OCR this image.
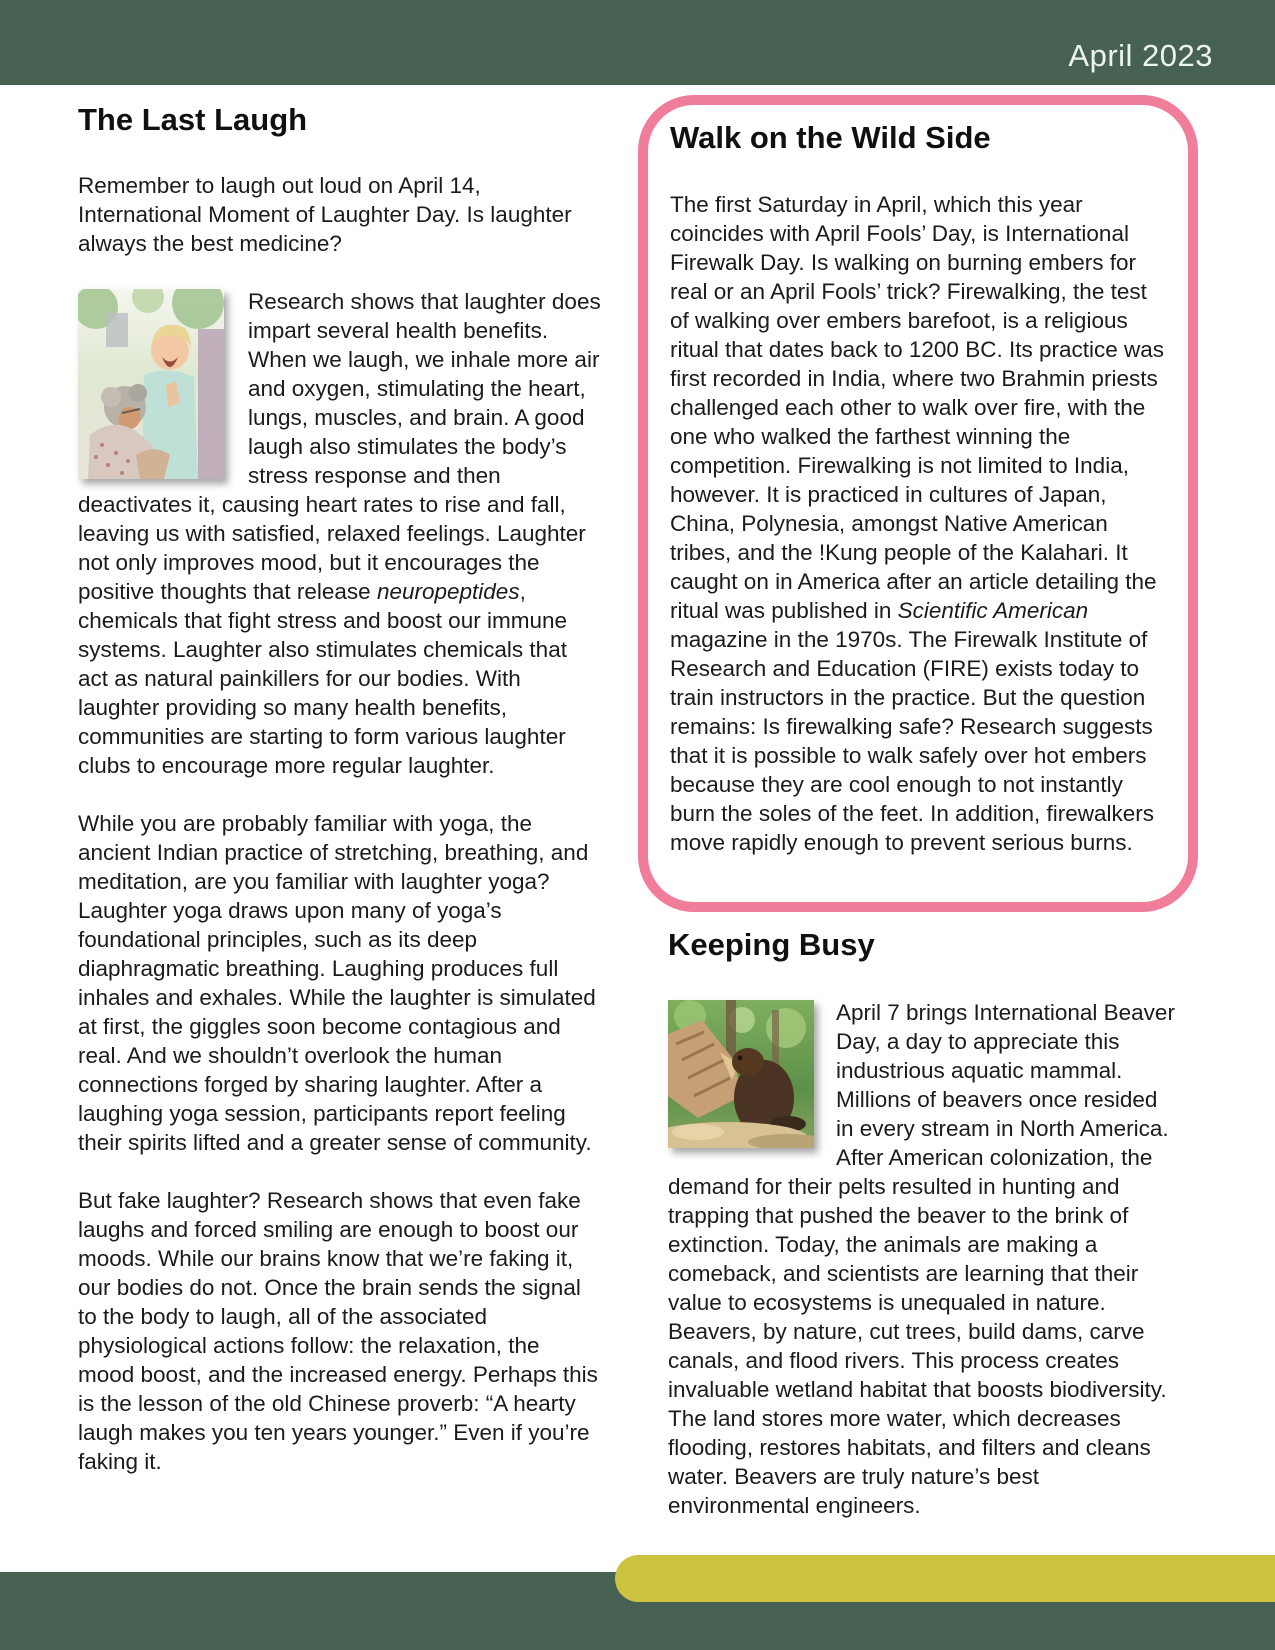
April 2023
The Last Laugh

Remember to laugh out loud on April 14, International Moment of Laughter Day. Is laughter always the best medicine?

Research shows that laughter does impart several health benefits. When we laugh, we inhale more air and oxygen, stimulating the heart, lungs, muscles, and brain. A good laugh also stimulates the body’s stress response and then deactivates it, causing heart rates to rise and fall, leaving us with satisfied, relaxed feelings. Laughter not only improves mood, but it encourages the positive thoughts that release neuropeptides, chemicals that fight stress and boost our immune systems. Laughter also stimulates chemicals that act as natural painkillers for our bodies. With laughter providing so many health benefits, communities are starting to form various laughter clubs to encourage more regular laughter.

While you are probably familiar with yoga, the ancient Indian practice of stretching, breathing, and meditation, are you familiar with laughter yoga? Laughter yoga draws upon many of yoga’s foundational principles, such as its deep diaphragmatic breathing. Laughing produces full inhales and exhales. While the laughter is simulated at first, the giggles soon become contagious and real. And we shouldn’t overlook the human connections forged by sharing laughter. After a laughing yoga session, participants report feeling their spirits lifted and a greater sense of community.

But fake laughter? Research shows that even fake laughs and forced smiling are enough to boost our moods. While our brains know that we’re faking it, our bodies do not. Once the brain sends the signal to the body to laugh, all of the associated physiological actions follow: the relaxation, the mood boost, and the increased energy. Perhaps this is the lesson of the old Chinese proverb: “A hearty laugh makes you ten years younger.” Even if you’re faking it.

Walk on the Wild Side

The first Saturday in April, which this year coincides with April Fools’ Day, is International Firewalk Day. Is walking on burning embers for real or an April Fools’ trick? Firewalking, the test of walking over embers barefoot, is a religious ritual that dates back to 1200 BC. Its practice was first recorded in India, where two Brahmin priests challenged each other to walk over fire, with the one who walked the farthest winning the competition. Firewalking is not limited to India, however. It is practiced in cultures of Japan, China, Polynesia, amongst Native American tribes, and the !Kung people of the Kalahari. It caught on in America after an article detailing the ritual was published in Scientific American magazine in the 1970s. The Firewalk Institute of Research and Education (FIRE) exists today to train instructors in the practice. But the question remains: Is firewalking safe? Research suggests that it is possible to walk safely over hot embers because they are cool enough to not instantly burn the soles of the feet. In addition, firewalkers move rapidly enough to prevent serious burns.

Keeping Busy
April 7 brings International Beaver Day, a day to appreciate this industrious aquatic mammal. Millions of beavers once resided in every stream in North America. After American colonization, the demand for their pelts resulted in hunting and trapping that pushed the beaver to the brink of extinction. Today, the animals are making a comeback, and scientists are learning that their value to ecosystems is unequaled in nature. Beavers, by nature, cut trees, build dams, carve canals, and flood rivers. This process creates invaluable wetland habitat that boosts biodiversity. The land stores more water, which decreases flooding, restores habitats, and filters and cleans water. Beavers are truly nature’s best environmental engineers.
